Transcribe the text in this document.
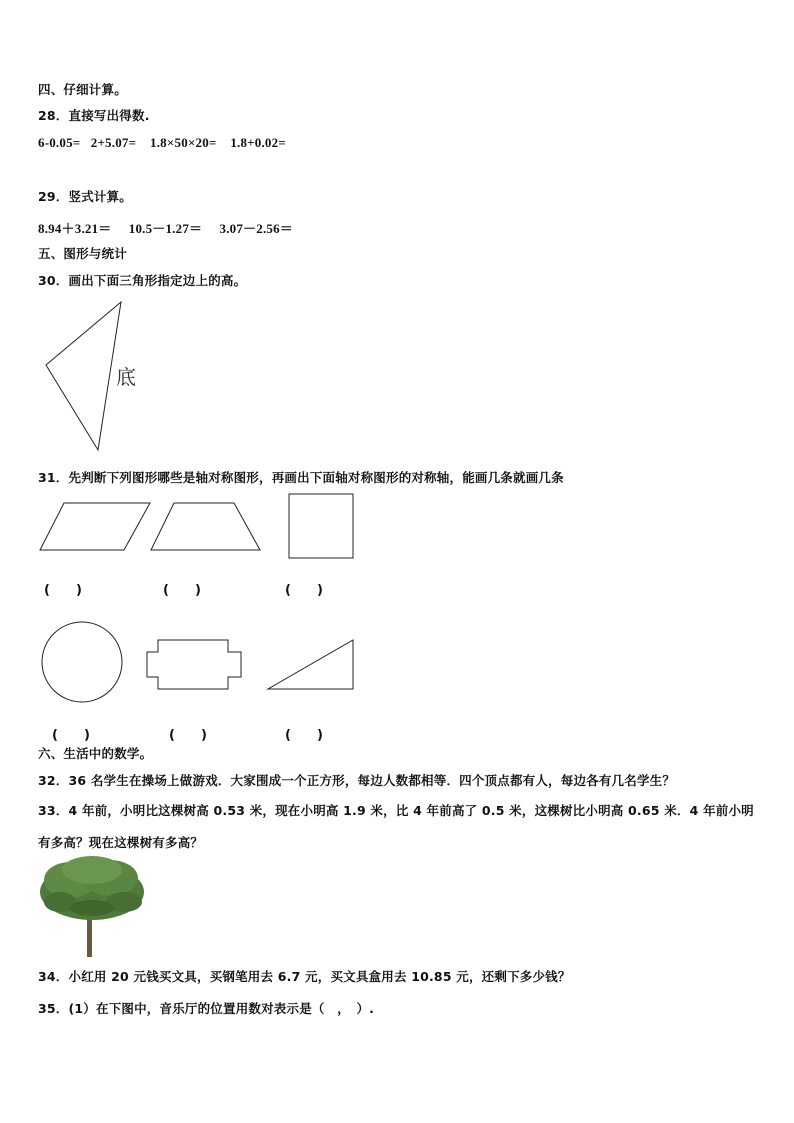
四、仔细计算。
28．直接写出得数.
6-0.05= 2+5.07= 1.8×50×20= 1.8+0.02=
29．竖式计算。
8.94＋3.21＝ 10.5－1.27＝ 3.07－2.56＝
五、图形与统计
30．画出下面三角形指定边上的高。
底
31．先判断下列图形哪些是轴对称图形，再画出下面轴对称图形的对称轴，能画几条就画几条
(　　)	(　　)	(　　)
(　　)	(　　)	(　　)
六、生活中的数学。
32．36 名学生在操场上做游戏．大家围成一个正方形，每边人数都相等．四个顶点都有人，每边各有几名学生？
33．4 年前，小明比这棵树高 0.53 米，现在小明高 1.9 米，比 4 年前高了 0.5 米，这棵树比小明高 0.65 米．4 年前小明
有多高？现在这棵树有多高？
34．小红用 20 元钱买文具，买钢笔用去 6.7 元，买文具盒用去 10.85 元，还剩下多少钱？
35．(1）在下图中，音乐厅的位置用数对表示是（　，　）.
